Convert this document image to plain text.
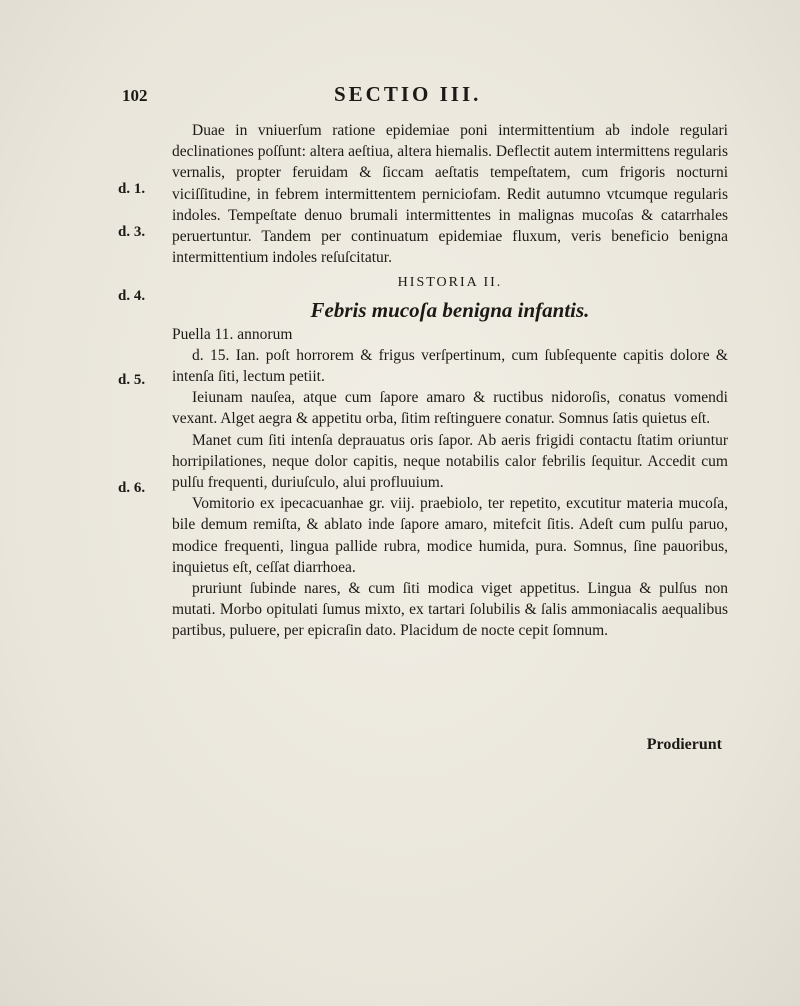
102	SECTIO III.
d. 1.
d. 3.
d. 4.
d. 5.
d. 6.

Duae in vniuerſum ratione epidemiae poni intermittentium ab indole regulari declinationes poſſunt: altera aeſtiua, altera hiemalis. Deflectit autem intermittens regularis vernalis, propter feruidam & ſiccam aeſtatis tempeſtatem, cum frigoris nocturni viciſſitudine, in febrem intermittentem perniciofam. Redit autumno vtcumque regularis indoles. Tempeſtate denuo brumali intermittentes in malignas mucoſas & catarrhales peruertuntur. Tandem per continuatum epidemiae fluxum, veris beneficio benigna intermittentium indoles reſuſcitatur.

HISTORIA II.

Febris mucoſa benigna infantis.

Puella 11. annorum

d. 15. Ian. poſt horrorem & frigus verſpertinum, cum ſubſequente capitis dolore & intenſa ſiti, lectum petiit.

Ieiunam nauſea, atque cum ſapore amaro & ructibus nidoroſis, conatus vomendi vexant. Alget aegra & appetitu orba, ſitim reſtinguere conatur. Somnus ſatis quietus eſt.

Manet cum ſiti intenſa deprauatus oris ſapor. Ab aeris frigidi contactu ſtatim oriuntur horripilationes, neque dolor capitis, neque notabilis calor febrilis ſequitur. Accedit cum pulſu frequenti, duriuſculo, alui profluuium.

Vomitorio ex ipecacuanhae gr. viij. praebiolo, ter repetito, excutitur materia mucoſa, bile demum remiſta, & ablato inde ſapore amaro, mitefcit ſitis. Adeſt cum pulſu paruo, modice frequenti, lingua pallide rubra, modice humida, pura. Somnus, ſine pauoribus, inquietus eſt, ceſſat diarrhoea.

pruriunt ſubinde nares, & cum ſiti modica viget appetitus. Lingua & pulſus non mutati. Morbo opitulati ſumus mixto, ex tartari ſolubilis & ſalis ammoniacalis aequalibus partibus, puluere, per epicraſin dato. Placidum de nocte cepit ſomnum.

Prodierunt
